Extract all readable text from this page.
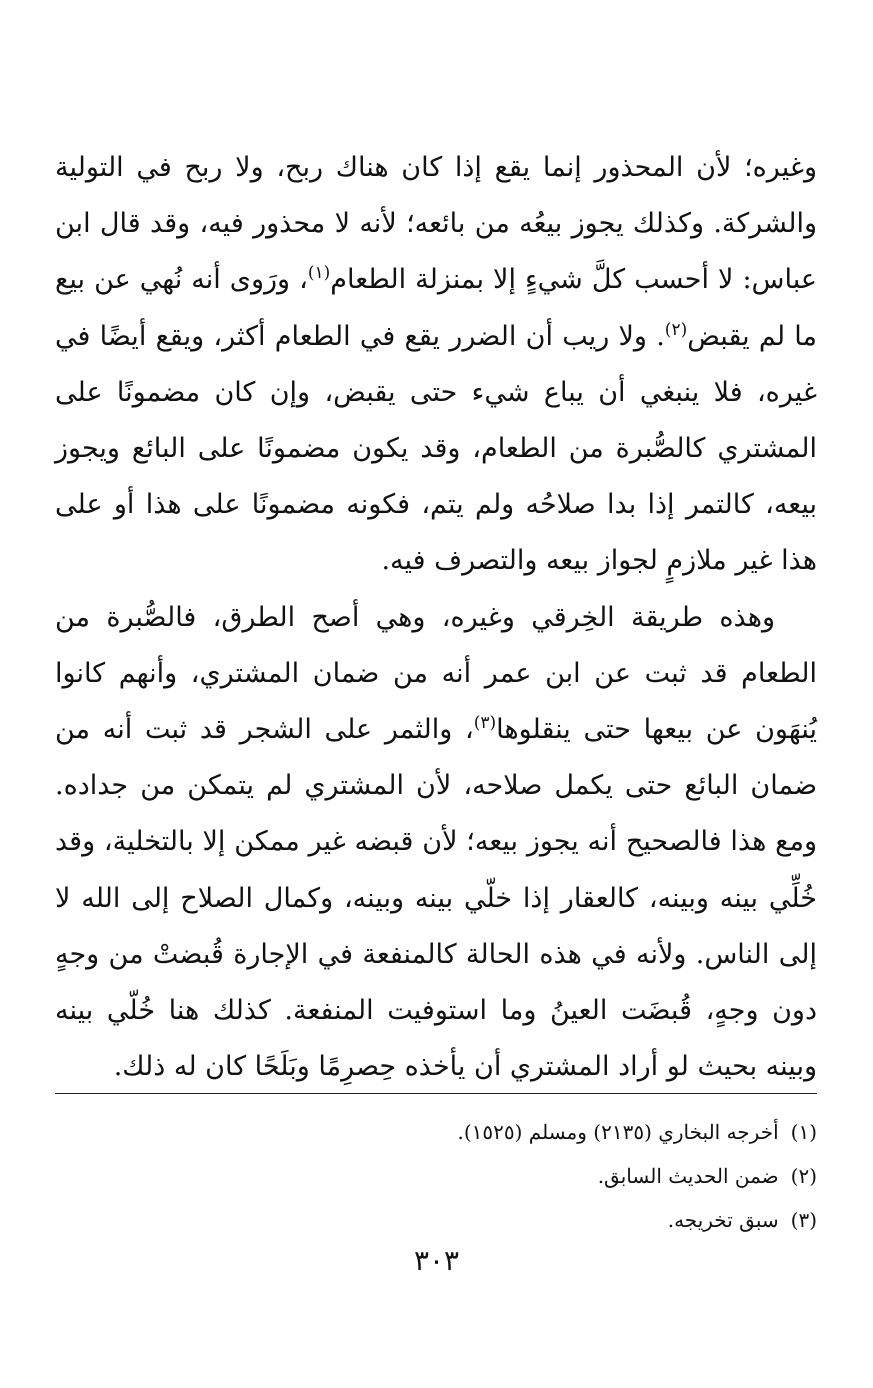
وغيره؛ لأن المحذور إنما يقع إذا كان هناك ربح، ولا ربح في التولية والشركة. وكذلك يجوز بيعُه من بائعه؛ لأنه لا محذور فيه، وقد قال ابن عباس: لا أحسب كلَّ شيءٍ إلا بمنزلة الطعام$^{(١)}$، ورَوى أنه نُهي عن بيع ما لم يقبض$^{(٢)}$. ولا ريب أن الضرر يقع في الطعام أكثر، ويقع أيضًا في غيره، فلا ينبغي أن يباع شيء حتى يقبض، وإن كان مضمونًا على المشتري كالصُّبرة من الطعام، وقد يكون مضمونًا على البائع ويجوز بيعه، كالتمر إذا بدا صلاحُه ولم يتم، فكونه مضمونًا على هذا أو على هذا غير ملازمٍ لجواز بيعه والتصرف فيه.

وهذه طريقة الخِرقي وغيره، وهي أصح الطرق، فالصُّبرة من الطعام قد ثبت عن ابن عمر أنه من ضمان المشتري، وأنهم كانوا يُنهَون عن بيعها حتى ينقلوها$^{(٣)}$، والثمر على الشجر قد ثبت أنه من ضمان البائع حتى يكمل صلاحه، لأن المشتري لم يتمكن من جداده. ومع هذا فالصحيح أنه يجوز بيعه؛ لأن قبضه غير ممكن إلا بالتخلية، وقد خُلِّي بينه وبينه، كالعقار إذا خلّي بينه وبينه، وكمال الصلاح إلى الله لا إلى الناس. ولأنه في هذه الحالة كالمنفعة في الإجارة قُبضتْ من وجهٍ دون وجهٍ، قُبضَت العينُ وما استوفيت المنفعة. كذلك هنا خُلّي بينه وبينه بحيث لو أراد المشتري أن يأخذه حِصرِمًا وبَلَحًا كان له ذلك.

(١)أخرجه البخاري (٢١٣٥) ومسلم (١٥٢٥).

(٢)ضمن الحديث السابق.

(٣)سبق تخريجه.

٣٠٣
